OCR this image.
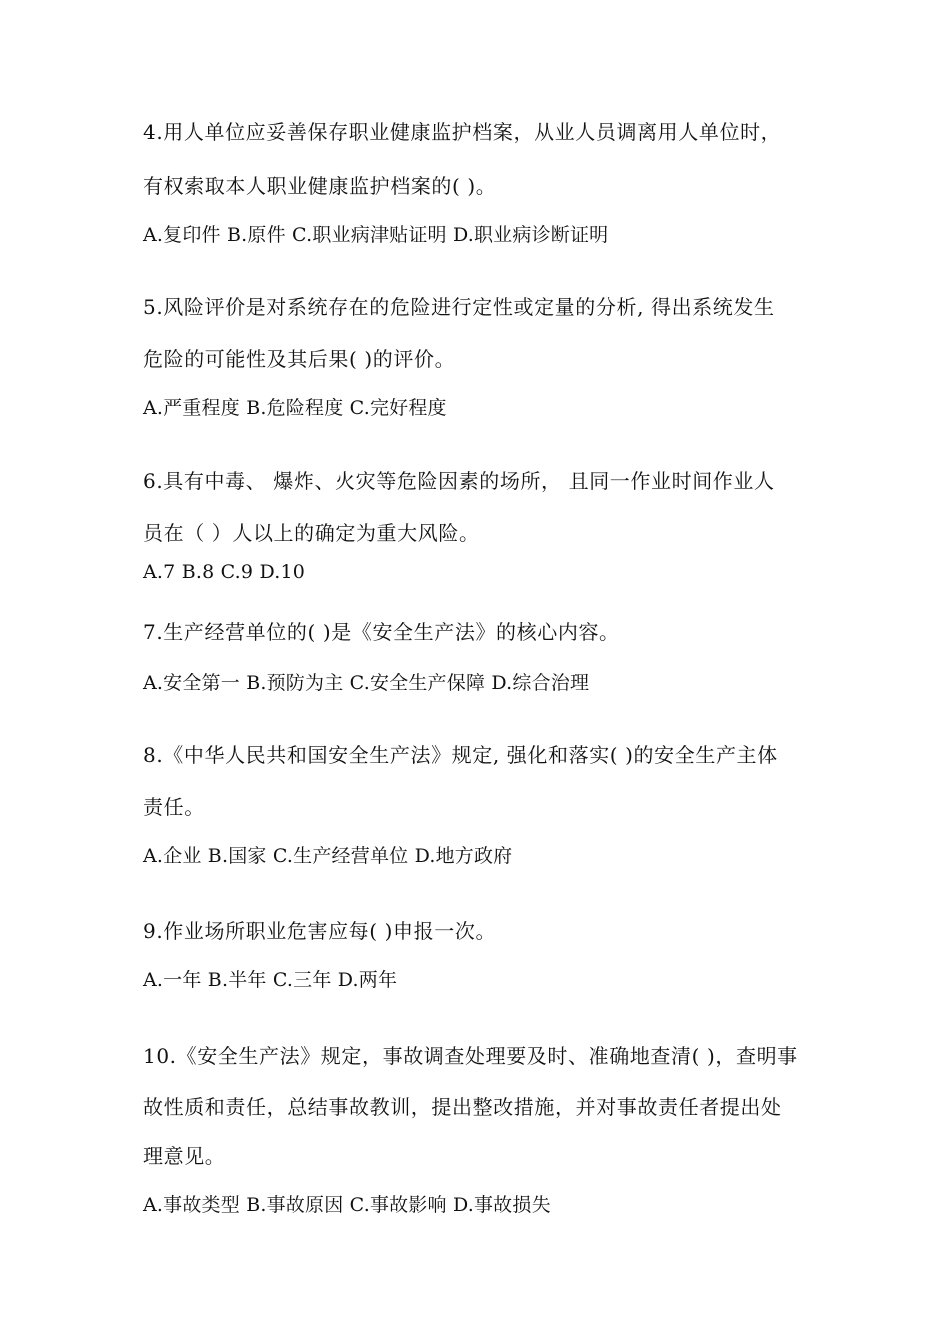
4.用人单位应妥善保存职业健康监护档案，从业人员调离用人单位时，
有权索取本人职业健康监护档案的( )。
A.复印件 B.原件 C.职业病津贴证明 D.职业病诊断证明
5.风险评价是对系统存在的危险进行定性或定量的分析, 得出系统发生
危险的可能性及其后果( )的评价。
A.严重程度 B.危险程度 C.完好程度
6.具有中毒、 爆炸、火灾等危险因素的场所， 且同一作业时间作业人
员在（ ）人以上的确定为重大风险。
A.7 B.8 C.9 D.10
7.生产经营单位的( )是《安全生产法》的核心内容。
A.安全第一 B.预防为主 C.安全生产保障 D.综合治理
8.《中华人民共和国安全生产法》规定, 强化和落实( )的安全生产主体
责任。
A.企业 B.国家 C.生产经营单位 D.地方政府
9.作业场所职业危害应每( )申报一次。
A.一年 B.半年 C.三年 D.两年
10.《安全生产法》规定，事故调查处理要及时、准确地查清( )，查明事
故性质和责任，总结事故教训，提出整改措施，并对事故责任者提出处
理意见。
A.事故类型 B.事故原因 C.事故影响 D.事故损失
